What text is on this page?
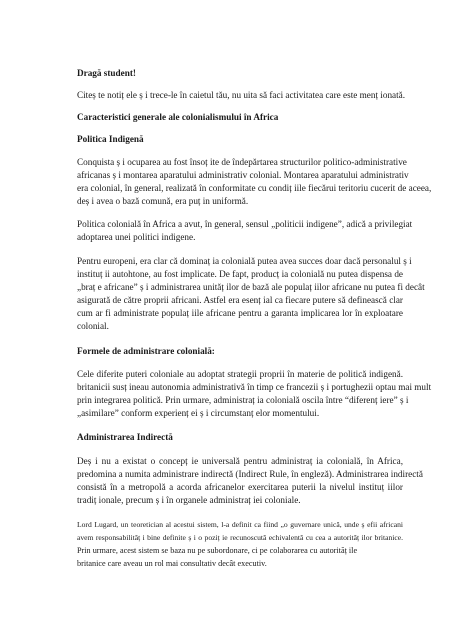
Dragă student!
Citeș te notiț ele ș i trece-le în caietul tău, nu uita să faci activitatea care este menț ionată.
Caracteristici generale ale colonialismului în Africa
Politica Indigenă
Conquista ș i ocuparea au fost însoț ite de îndepărtarea structurilor politico-administrative
africanas ș i montarea aparatului administrativ colonial. Montarea aparatului administrativ
era colonial, în general, realizată în conformitate cu condiț iile fiecărui teritoriu cucerit de aceea,
deș i avea o bază comună, era puț in uniformă.
Politica colonială în Africa a avut, în general, sensul „politicii indigene”, adică a privilegiat
adoptarea unei politici indigene.
Pentru europeni, era clar că dominaț ia colonială putea avea succes doar dacă personalul ș i
instituț ii autohtone, au fost implicate. De fapt, producț ia colonială nu putea dispensa de
„braț e africane” ș i administrarea unităț ilor de bază ale populaț iilor africane nu putea fi decât
asigurată de către proprii africani. Astfel era esenț ial ca fiecare putere să definească clar
cum ar fi administrate populaț iile africane pentru a garanta implicarea lor în exploatare
colonial.
Formele de administrare colonială:
Cele diferite puteri coloniale au adoptat strategii proprii în materie de politică indigenă.
britanicii susț ineau autonomia administrativă în timp ce francezii ș i portughezii optau mai mult
prin integrarea politică. Prin urmare, administraț ia colonială oscila între “diferenț iere” ș i
„asimilare” conform experienț ei ș i circumstanț elor momentului.
Administrarea Indirectă
Deș i nu a existat o concepț ie universală pentru administraț ia colonială, în Africa,
predomina a numita administrare indirectă (Indirect Rule, în engleză). Administrarea indirectă
consistă în a metropolă a acorda africanelor exercitarea puterii la nivelul instituț iilor
tradiț ionale, precum ș i în organele administraț iei coloniale.
Lord Lugard, un teoretician al acestui sistem, l-a definit ca fiind „o guvernare unică, unde ș efii africani
avem responsabilităț i bine definite ș i o poziț ie recunoscută echivalentă cu cea a autorităț ilor britanice.
Prin urmare, acest sistem se baza nu pe subordonare, ci pe colaborarea cu autorităț ile
britanice care aveau un rol mai consultativ decât executiv.
